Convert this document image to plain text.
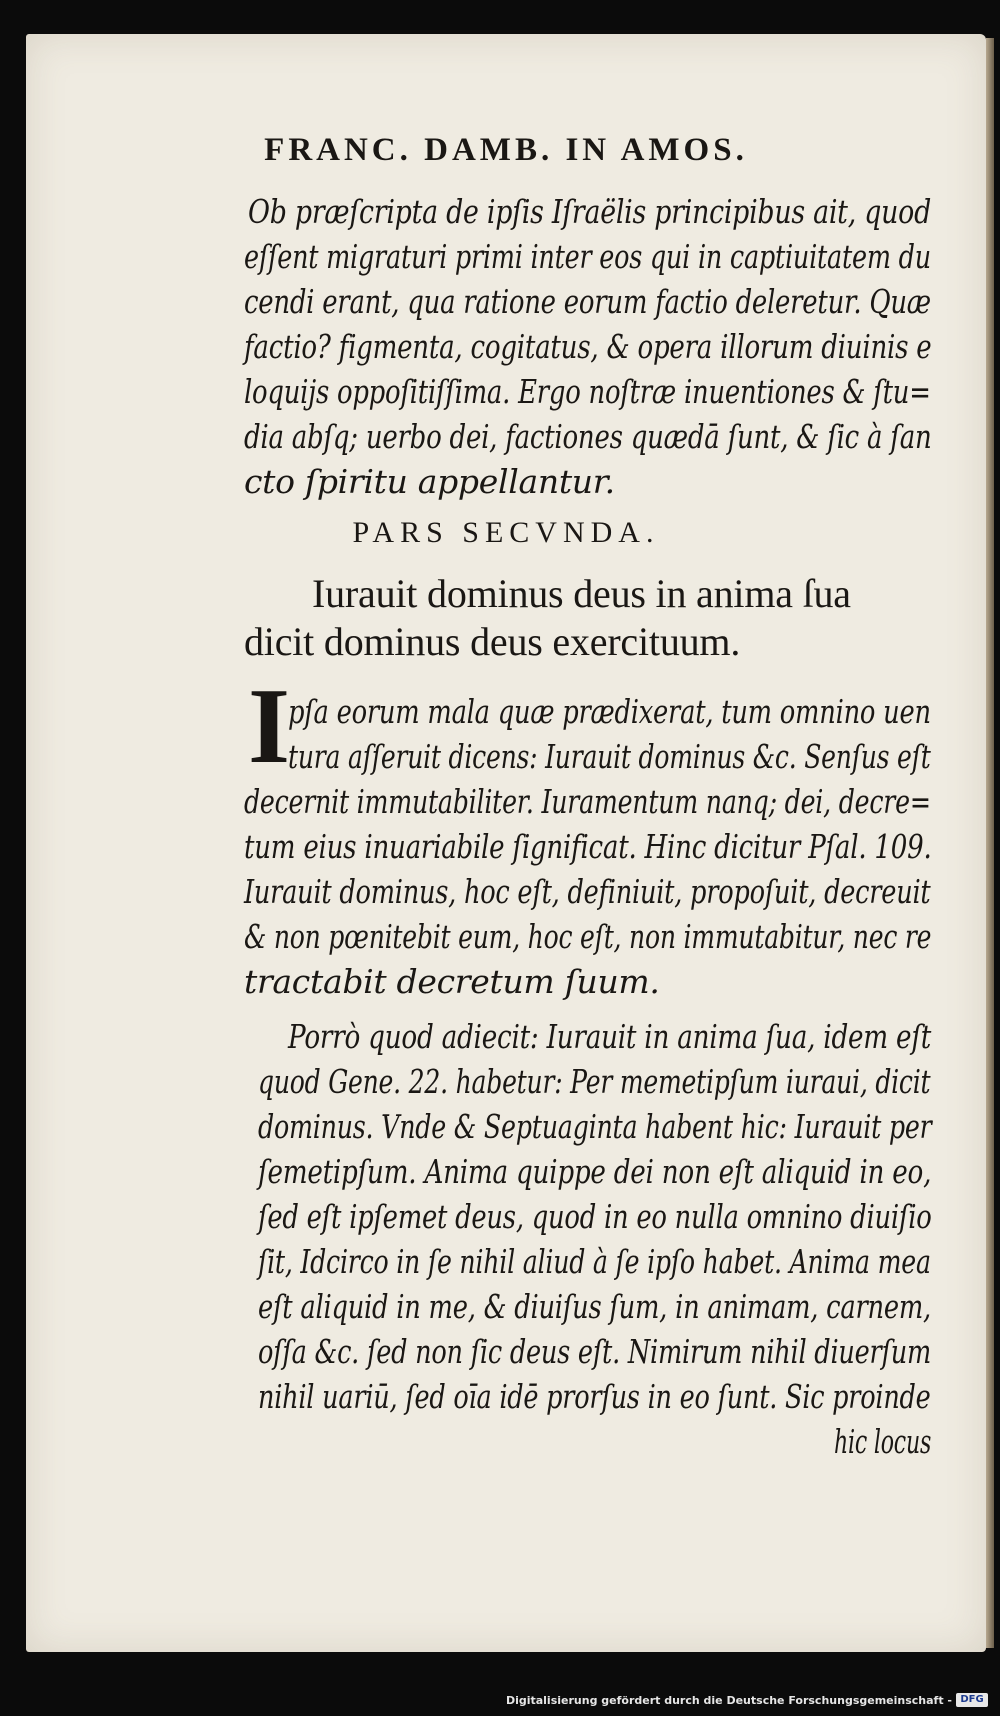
FRANC. DAMB. IN AMOS.
Ob præſcripta de ipſis Iſraëlis principibus ait, quod
eſſent migraturi primi inter eos qui in captiuitatem du
cendi erant, qua ratione eorum factio deleretur. Quæ
factio? figmenta, cogitatus, & opera illorum diuinis e
loquijs oppoſitiſſima. Ergo noſtræ inuentiones & ſtu=
dia abſq; uerbo dei, factiones quædā ſunt, & ſic à ſan
cto ſpiritu appellantur.
PARS SECVNDA.
Iurauit dominus deus in anima ſua
dicit dominus deus exercituum.
I
pſa eorum mala quæ prædixerat, tum omnino uen
tura aſſeruit dicens: Iurauit dominus &c. Senſus eſt
decernit immutabiliter. Iuramentum nanq; dei, decre=
tum eius inuariabile ſignificat. Hinc dicitur Pſal. 109.
Iurauit dominus, hoc eſt, definiuit, propoſuit, decreuit
& non pœnitebit eum, hoc eſt, non immutabitur, nec re
tractabit decretum ſuum.
Porrò quod adiecit: Iurauit in anima ſua, idem eſt
quod Gene. 22. habetur: Per memetipſum iuraui, dicit
dominus. Vnde & Septuaginta habent hic: Iurauit per
ſemetipſum. Anima quippe dei non eſt aliquid in eo,
ſed eſt ipſemet deus, quod in eo nulla omnino diuiſio
ſit, Idcirco in ſe nihil aliud à ſe ipſo habet. Anima mea
eſt aliquid in me, & diuiſus ſum, in animam, carnem,
oſſa &c. ſed non ſic deus eſt. Nimirum nihil diuerſum
nihil uariū, ſed oīa idē prorſus in eo ſunt. Sic proinde
hic locus
Digitalisierung gefördert durch die Deutsche Forschungsgemeinschaft - DFG
